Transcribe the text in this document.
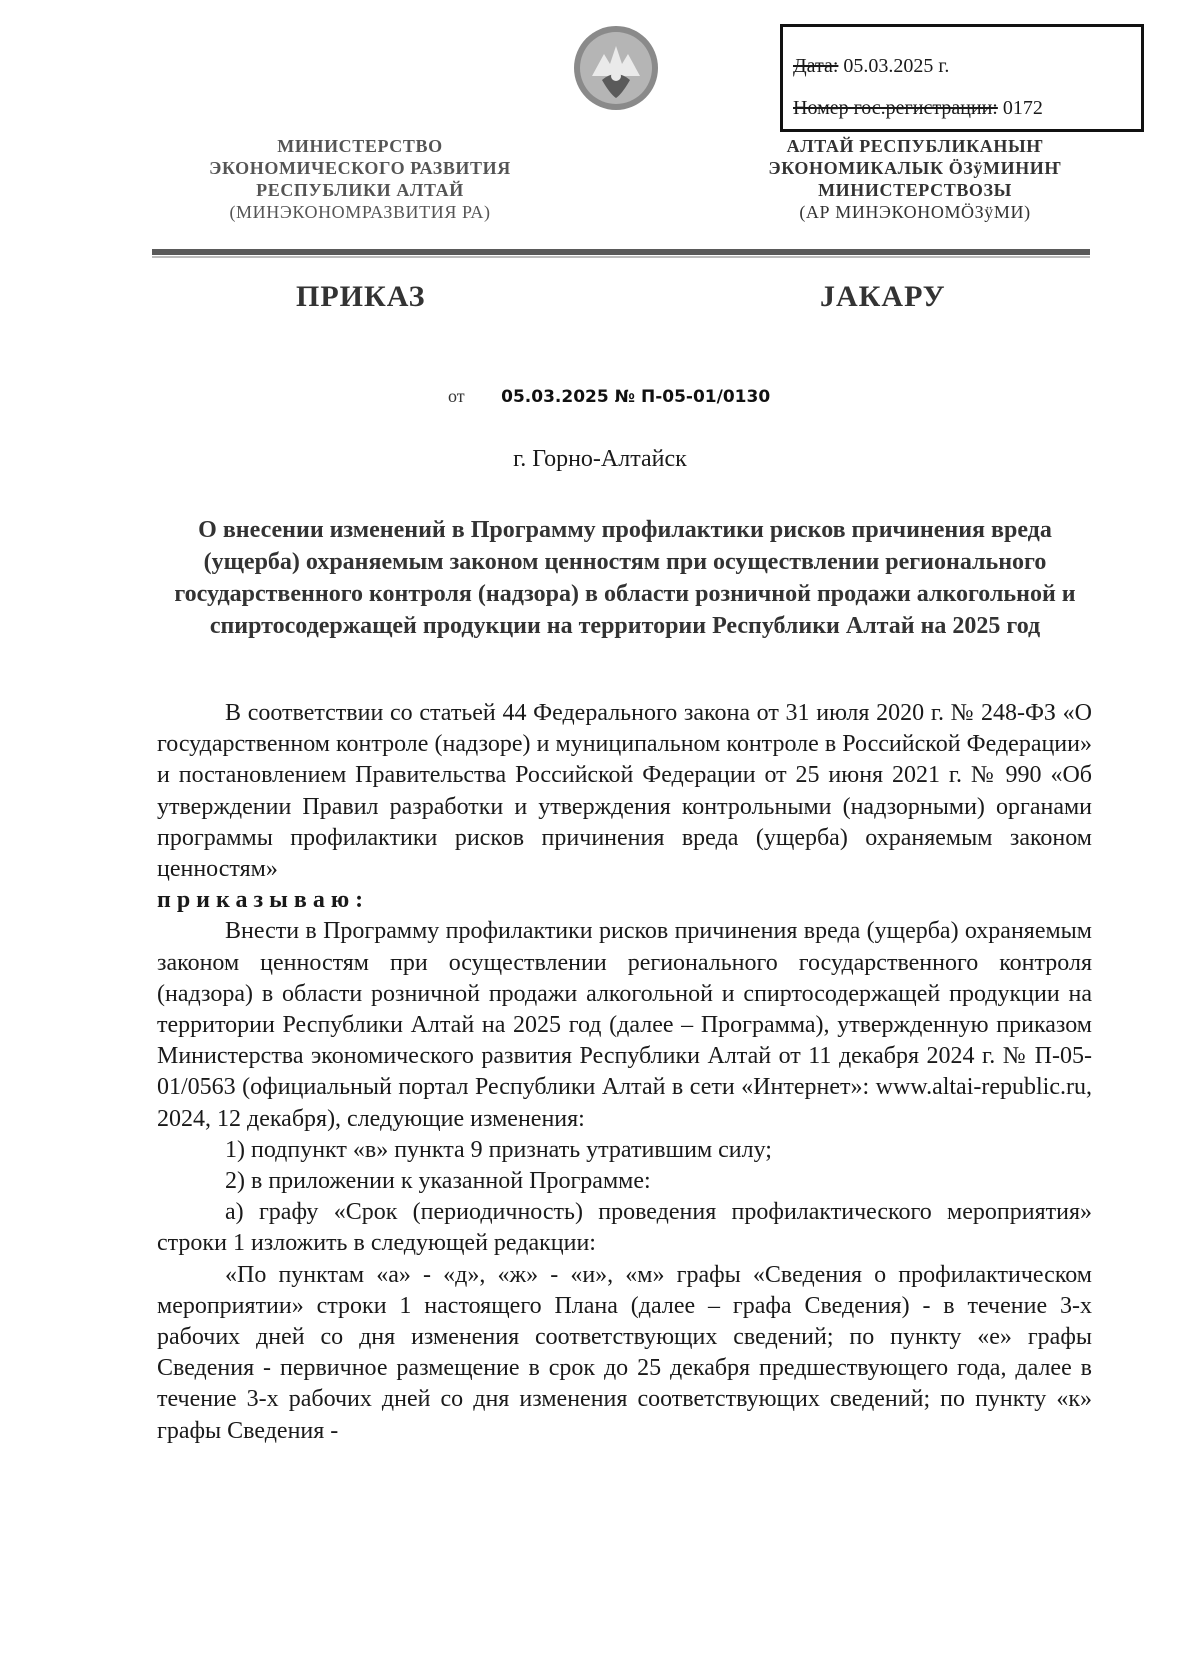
Дата: 05.03.2025 г.
Номер гос.регистрации: 0172
МИНИСТЕРСТВО
ЭКОНОМИЧЕСКОГО РАЗВИТИЯ
РЕСПУБЛИКИ АЛТАЙ
(МИНЭКОНОМРАЗВИТИЯ РА)
АЛТАЙ РЕСПУБЛИКАНЫҤ
ЭКОНОМИКАЛЫК ÖЗÿМИНИҤ
МИНИСТЕРСТВОЗЫ
(АР МИНЭКОНОМÖЗÿМИ)
ПРИКАЗ	JАКАРУ
от 05.03.2025 № П-05-01/0130
г. Горно-Алтайск
О внесении изменений в Программу профилактики рисков причинения вреда (ущерба) охраняемым законом ценностям при осуществлении регионального государственного контроля (надзора) в области розничной продажи алкогольной и спиртосодержащей продукции на территории Республики Алтай на 2025 год

В соответствии со статьей 44 Федерального закона от 31 июля 2020 г. № 248-ФЗ «О государственном контроле (надзоре) и муниципальном контроле в Российской Федерации» и постановлением Правительства Российской Федерации от 25 июня 2021 г. № 990 «Об утверждении Правил разработки и утверждения контрольными (надзорными) органами программы профилактики рисков причинения вреда (ущерба) охраняемым законом ценностям»
приказываю:

Внести в Программу профилактики рисков причинения вреда (ущерба) охраняемым законом ценностям при осуществлении регионального государственного контроля (надзора) в области розничной продажи алкогольной и спиртосодержащей продукции на территории Республики Алтай на 2025 год (далее – Программа), утвержденную приказом Министерства экономического развития Республики Алтай от 11 декабря 2024 г. № П-05-01/0563 (официальный портал Республики Алтай в сети «Интернет»: www.altai-republic.ru, 2024, 12 декабря), следующие изменения:

1) подпункт «в» пункта 9 признать утратившим силу;

2) в приложении к указанной Программе:

а) графу «Срок (периодичность) проведения профилактического мероприятия» строки 1 изложить в следующей редакции:

«По пунктам «а» - «д», «ж» - «и», «м» графы «Сведения о профилактическом мероприятии» строки 1 настоящего Плана (далее – графа Сведения) - в течение 3-х рабочих дней со дня изменения соответствующих сведений; по пункту «е» графы Сведения - первичное размещение в срок до 25 декабря предшествующего года, далее в течение 3-х рабочих дней со дня изменения соответствующих сведений; по пункту «к» графы Сведения -
